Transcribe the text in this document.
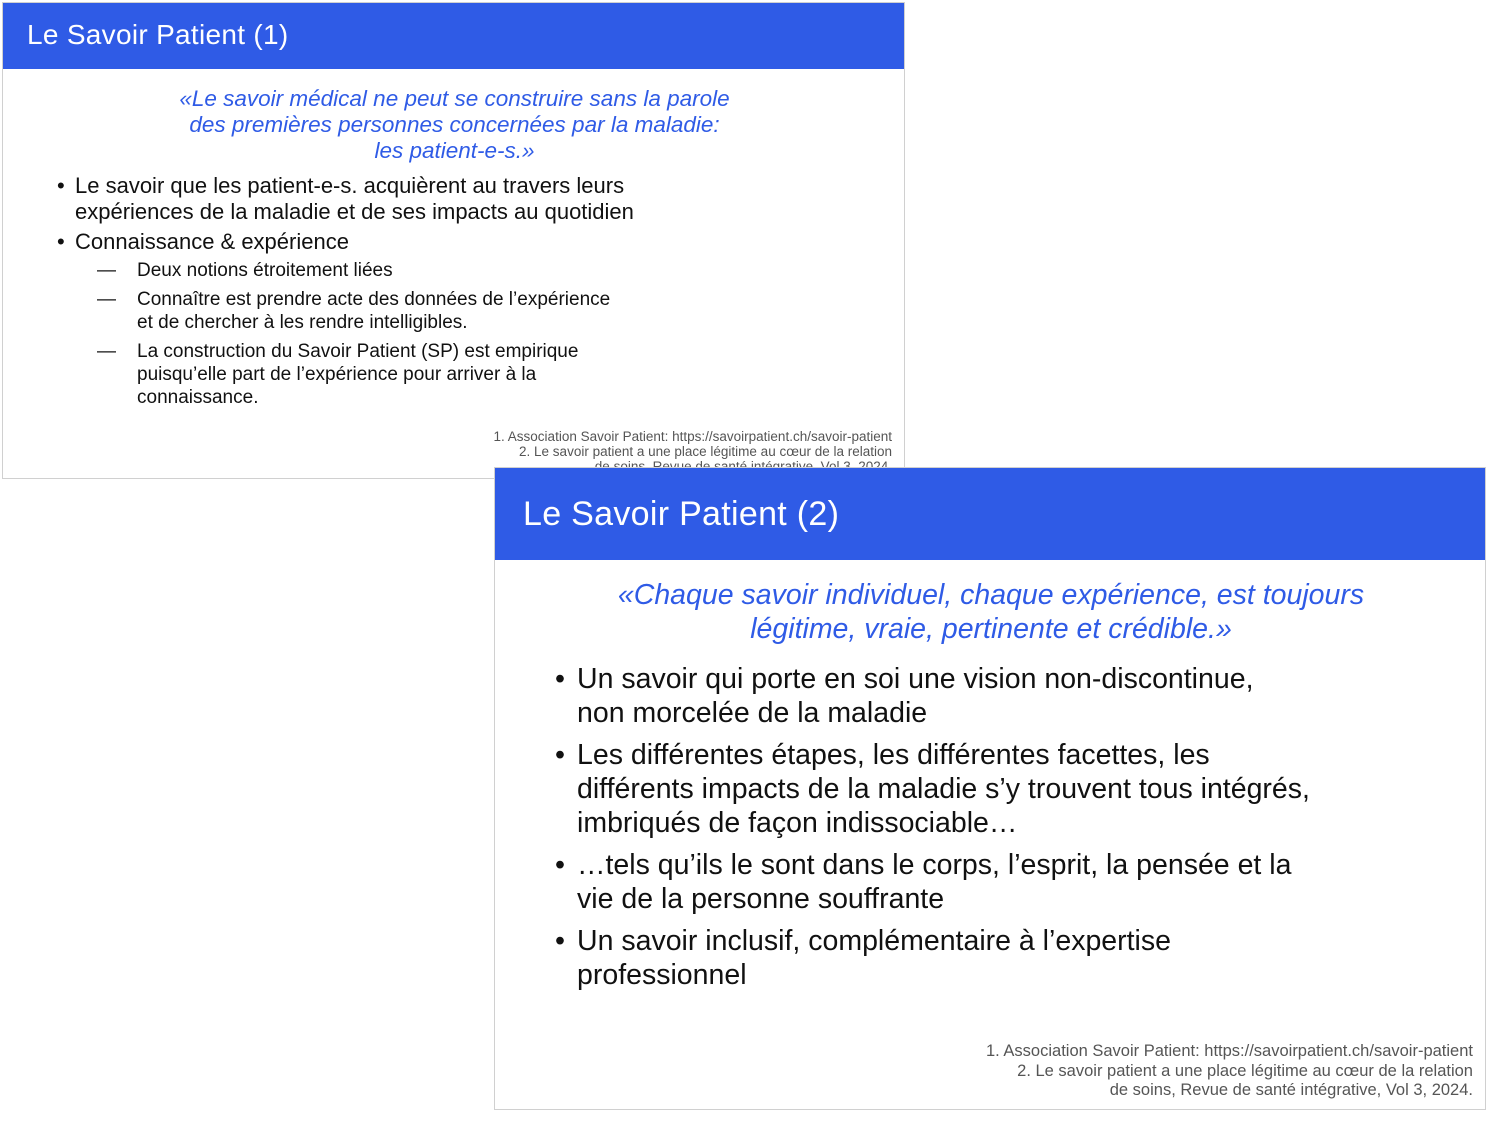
Le Savoir Patient (1)
«Le savoir médical ne peut se construire sans la parole
des premières personnes concernées par la maladie:
les patient-e-s.»
• Le savoir que les patient-e-s. acquièrent au travers leurs
expériences de la maladie et de ses impacts au quotidien
• Connaissance & expérience
— Deux notions étroitement liées
— Connaître est prendre acte des données de l’expérience
et de chercher à les rendre intelligibles.
— La construction du Savoir Patient (SP) est empirique
puisqu’elle part de l’expérience pour arriver à la
connaissance.
1. Association Savoir Patient: https://savoirpatient.ch/savoir-patient
2. Le savoir patient a une place légitime au cœur de la relation
Le Savoir Patient (2)
«Chaque savoir individuel, chaque expérience, est toujours
légitime, vraie, pertinente et crédible.»
• Un savoir qui porte en soi une vision non-discontinue,
non morcelée de la maladie
• Les différentes étapes, les différentes facettes, les
différents impacts de la maladie s’y trouvent tous intégrés,
imbriqués de façon indissociable…
• …tels qu’ils le sont dans le corps, l’esprit, la pensée et la
vie de la personne souffrante
• Un savoir inclusif, complémentaire à l’expertise
professionnel
1. Association Savoir Patient: https://savoirpatient.ch/savoir-patient
2. Le savoir patient a une place légitime au cœur de la relation
de soins, Revue de santé intégrative, Vol 3, 2024.
